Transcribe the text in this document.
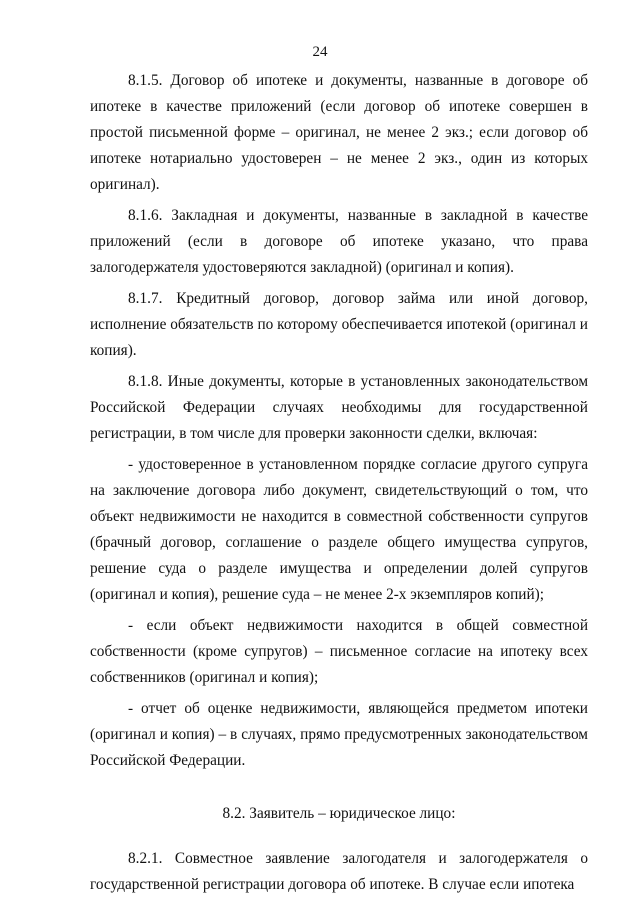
24

8.1.5. Договор об ипотеке и документы, названные в договоре об ипотеке в качестве приложений (если договор об ипотеке совершен в простой письменной форме – оригинал, не менее 2 экз.; если договор об ипотеке нотариально удостоверен – не менее 2 экз., один из которых оригинал).

8.1.6. Закладная и документы, названные в закладной в качестве приложений (если в договоре об ипотеке указано, что права залогодержателя удостоверяются закладной) (оригинал и копия).

8.1.7. Кредитный договор, договор займа или иной договор, исполнение обязательств по которому обеспечивается ипотекой (оригинал и копия).

8.1.8. Иные документы, которые в установленных законодательством Российской Федерации случаях необходимы для государственной регистрации, в том числе для проверки законности сделки, включая:

- удостоверенное в установленном порядке согласие другого супруга на заключение договора либо документ, свидетельствующий о том, что объект недвижимости не находится в совместной собственности супругов (брачный договор, соглашение о разделе общего имущества супругов, решение суда о разделе имущества и определении долей супругов (оригинал и копия), решение суда – не менее 2-х экземпляров копий);

- если объект недвижимости находится в общей совместной собственности (кроме супругов) – письменное согласие на ипотеку всех собственников (оригинал и копия);

- отчет об оценке недвижимости, являющейся предметом ипотеки (оригинал и копия) – в случаях, прямо предусмотренных законодательством Российской Федерации.

8.2. Заявитель – юридическое лицо:

8.2.1. Совместное заявление залогодателя и залогодержателя о государственной регистрации договора об ипотеке. В случае если ипотека
